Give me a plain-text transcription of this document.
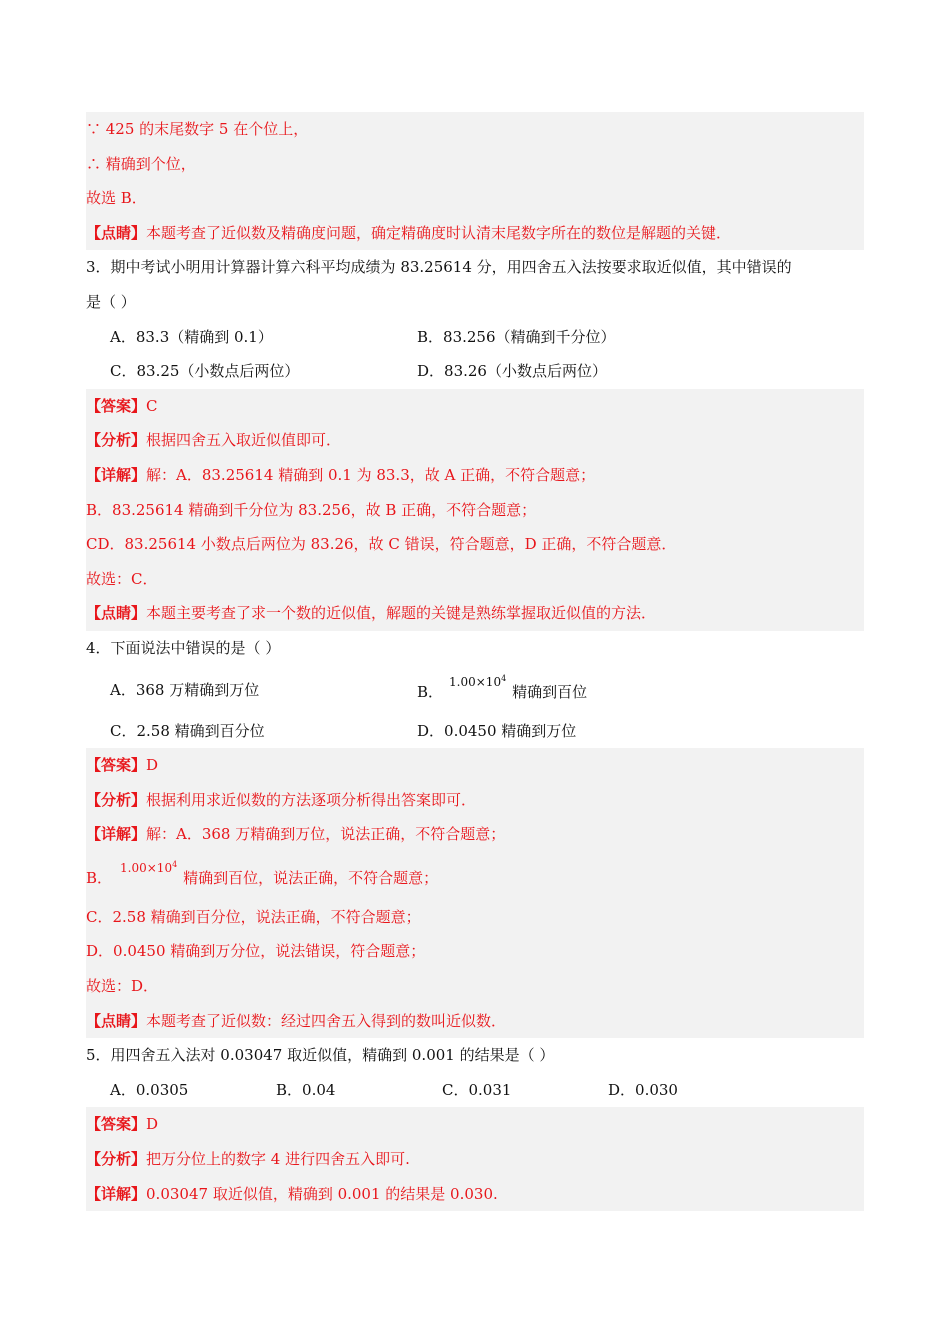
∵ 425 的末尾数字 5 在个位上，

∴ 精确到个位，

故选 B．

【点睛】本题考查了近似数及精确度问题，确定精确度时认清末尾数字所在的数位是解题的关键．

3．期中考试小明用计算器计算六科平均成绩为 83.25614 分，用四舍五入法按要求取近似值，其中错误的

是（ ）

A．83.3（精确到 0.1）	B．83.256（精确到千分位）
C．83.25（小数点后两位）	D．83.26（小数点后两位）

【答案】C

【分析】根据四舍五入取近似值即可．

【详解】解：A．83.25614 精确到 0.1 为 83.3，故 A 正确，不符合题意；

B．83.25614 精确到千分位为 83.256，故 B 正确，不符合题意；

CD．83.25614 小数点后两位为 83.26，故 C 错误，符合题意，D 正确，不符合题意．

故选：C．

【点睛】本题主要考查了求一个数的近似值，解题的关键是熟练掌握取近似值的方法．

4．下面说法中错误的是（ ）

A．368 万精确到万位	B．$^{1.00\times 10^4}$精确到百位
C．2.58 精确到百分位	D．0.0450 精确到万位

【答案】D

【分析】根据利用求近似数的方法逐项分析得出答案即可．

【详解】解：A．368 万精确到万位，说法正确，不符合题意；

B．$^{1.00\times 10^4}$精确到百位，说法正确，不符合题意；

C．2.58 精确到百分位，说法正确，不符合题意；

D．0.0450 精确到万分位，说法错误，符合题意；

故选：D．

【点睛】本题考查了近似数：经过四舍五入得到的数叫近似数．

5．用四舍五入法对 0.03047 取近似值，精确到 0.001 的结果是（ ）

A．0.0305	B．0.04	C．0.031	D．0.030

【答案】D

【分析】把万分位上的数字 4 进行四舍五入即可.

【详解】0.03047 取近似值，精确到 0.001 的结果是 0.030.
